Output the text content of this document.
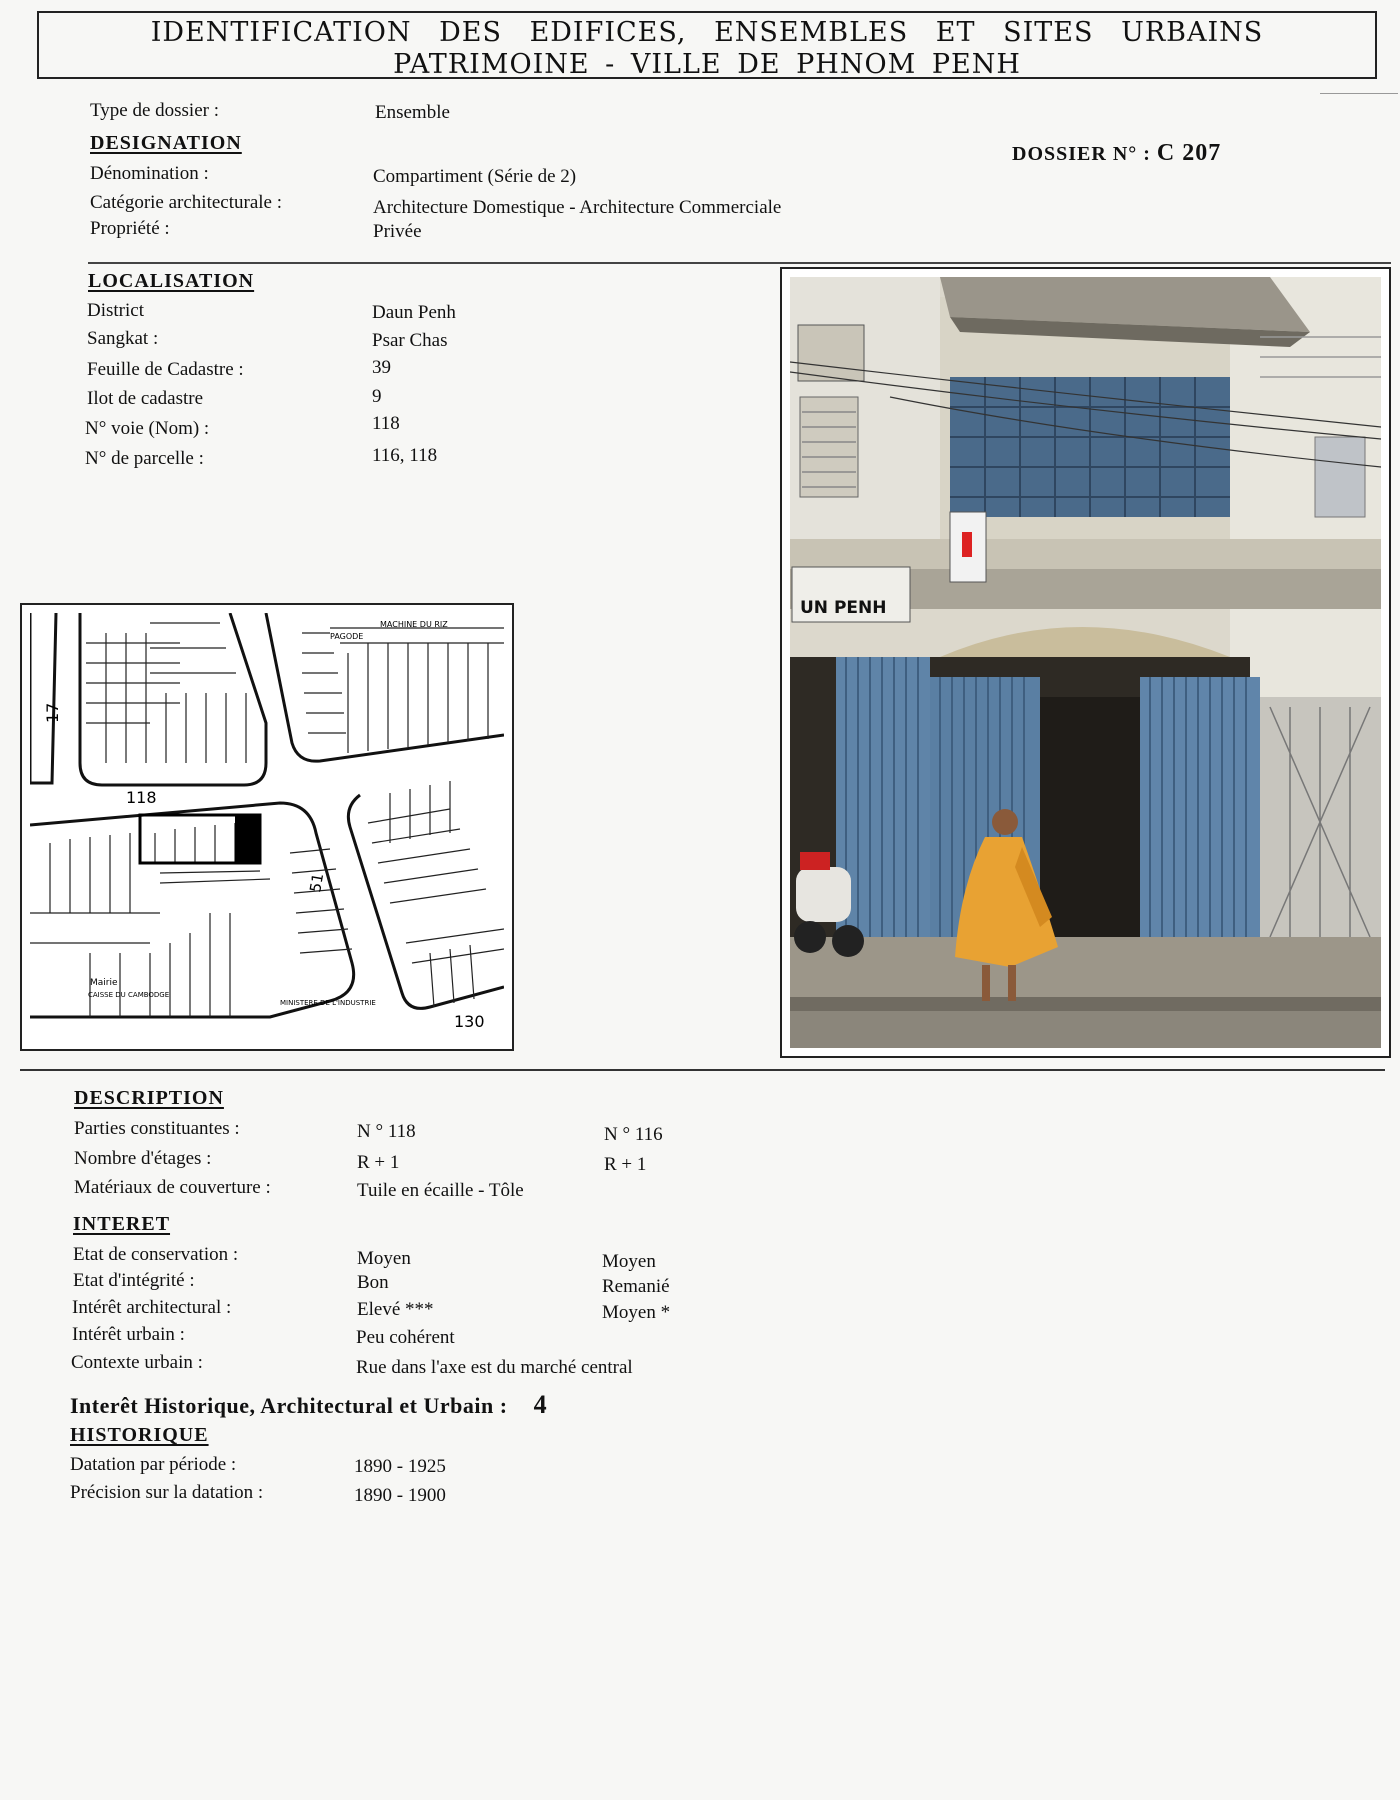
IDENTIFICATION DES EDIFICES, ENSEMBLES ET SITES URBAINS
PATRIMOINE - VILLE DE PHNOM PENH
Type de dossier :	Ensemble
DOSSIER N° : C 207
DESIGNATION
Dénomination :	Compartiment (Série de 2)
Catégorie architecturale :	Architecture Domestique - Architecture Commerciale
Propriété :	Privée
LOCALISATION
District	Daun Penh
Sangkat :	Psar Chas
Feuille de Cadastre :	39
Ilot de cadastre	9
N° voie (Nom) :	118
N° de parcelle :	116, 118
17
118
51
130
PAGODE
MACHINE DU RIZ
Mairie
CAISSE DU CAMBODGE
MINISTERE DE L'INDUSTRIE
UN PENH
DESCRIPTION
Parties constituantes :	N ° 118	N ° 116
Nombre d'étages :	R + 1	R + 1
Matériaux de couverture :	Tuile en écaille - Tôle
INTERET
Etat de conservation :	Moyen	Moyen
Etat d'intégrité :	Bon	Remanié
Intérêt architectural :	Elevé ***	Moyen *
Intérêt urbain :	Peu cohérent
Contexte urbain :	Rue dans l'axe est du marché central
Interêt Historique, Architectural et Urbain : 4
HISTORIQUE
Datation par période :	1890 - 1925
Précision sur la datation :	1890 - 1900
